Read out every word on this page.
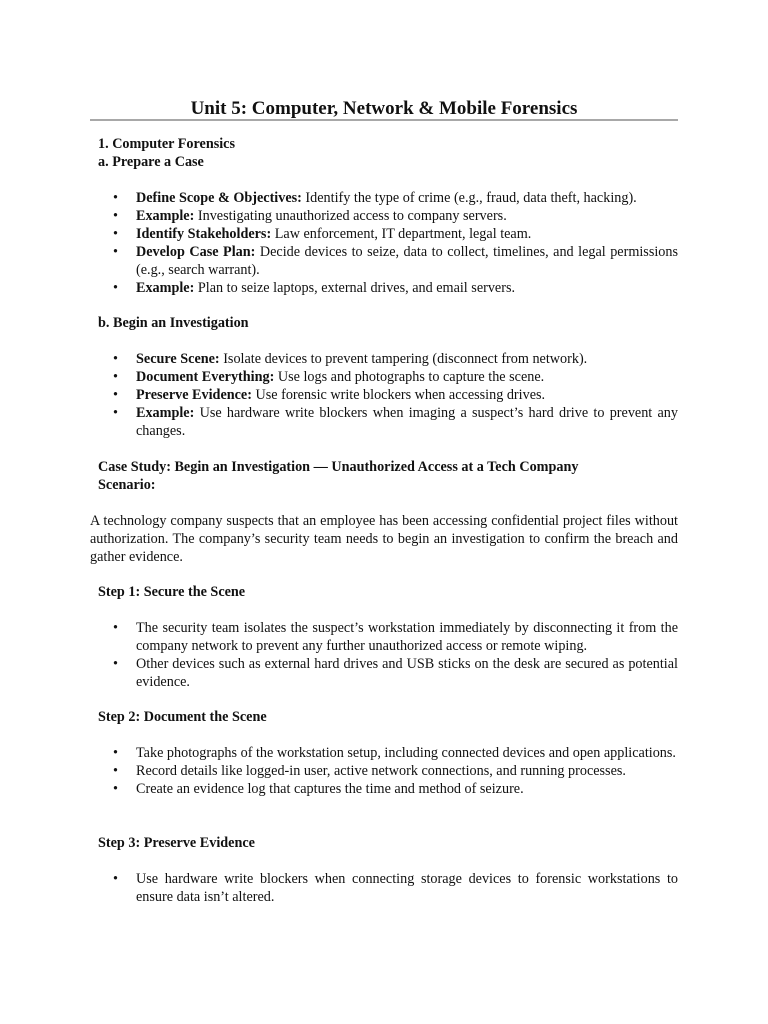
Unit 5: Computer, Network & Mobile Forensics
1. Computer Forensics
a. Prepare a Case
• Define Scope & Objectives: Identify the type of crime (e.g., fraud, data theft, hacking).
• Example: Investigating unauthorized access to company servers.
• Identify Stakeholders: Law enforcement, IT department, legal team.
• Develop Case Plan: Decide devices to seize, data to collect, timelines, and legal permissions (e.g., search warrant).
• Example: Plan to seize laptops, external drives, and email servers.
b. Begin an Investigation
• Secure Scene: Isolate devices to prevent tampering (disconnect from network).
• Document Everything: Use logs and photographs to capture the scene.
• Preserve Evidence: Use forensic write blockers when accessing drives.
• Example: Use hardware write blockers when imaging a suspect’s hard drive to prevent any changes.
Case Study: Begin an Investigation — Unauthorized Access at a Tech Company
Scenario:
A technology company suspects that an employee has been accessing confidential project files without authorization. The company’s security team needs to begin an investigation to confirm the breach and gather evidence.
Step 1: Secure the Scene
• The security team isolates the suspect’s workstation immediately by disconnecting it from the company network to prevent any further unauthorized access or remote wiping.
• Other devices such as external hard drives and USB sticks on the desk are secured as potential evidence.
Step 2: Document the Scene
• Take photographs of the workstation setup, including connected devices and open applications.
• Record details like logged-in user, active network connections, and running processes.
• Create an evidence log that captures the time and method of seizure.
Step 3: Preserve Evidence
• Use hardware write blockers when connecting storage devices to forensic workstations to ensure data isn’t altered.
